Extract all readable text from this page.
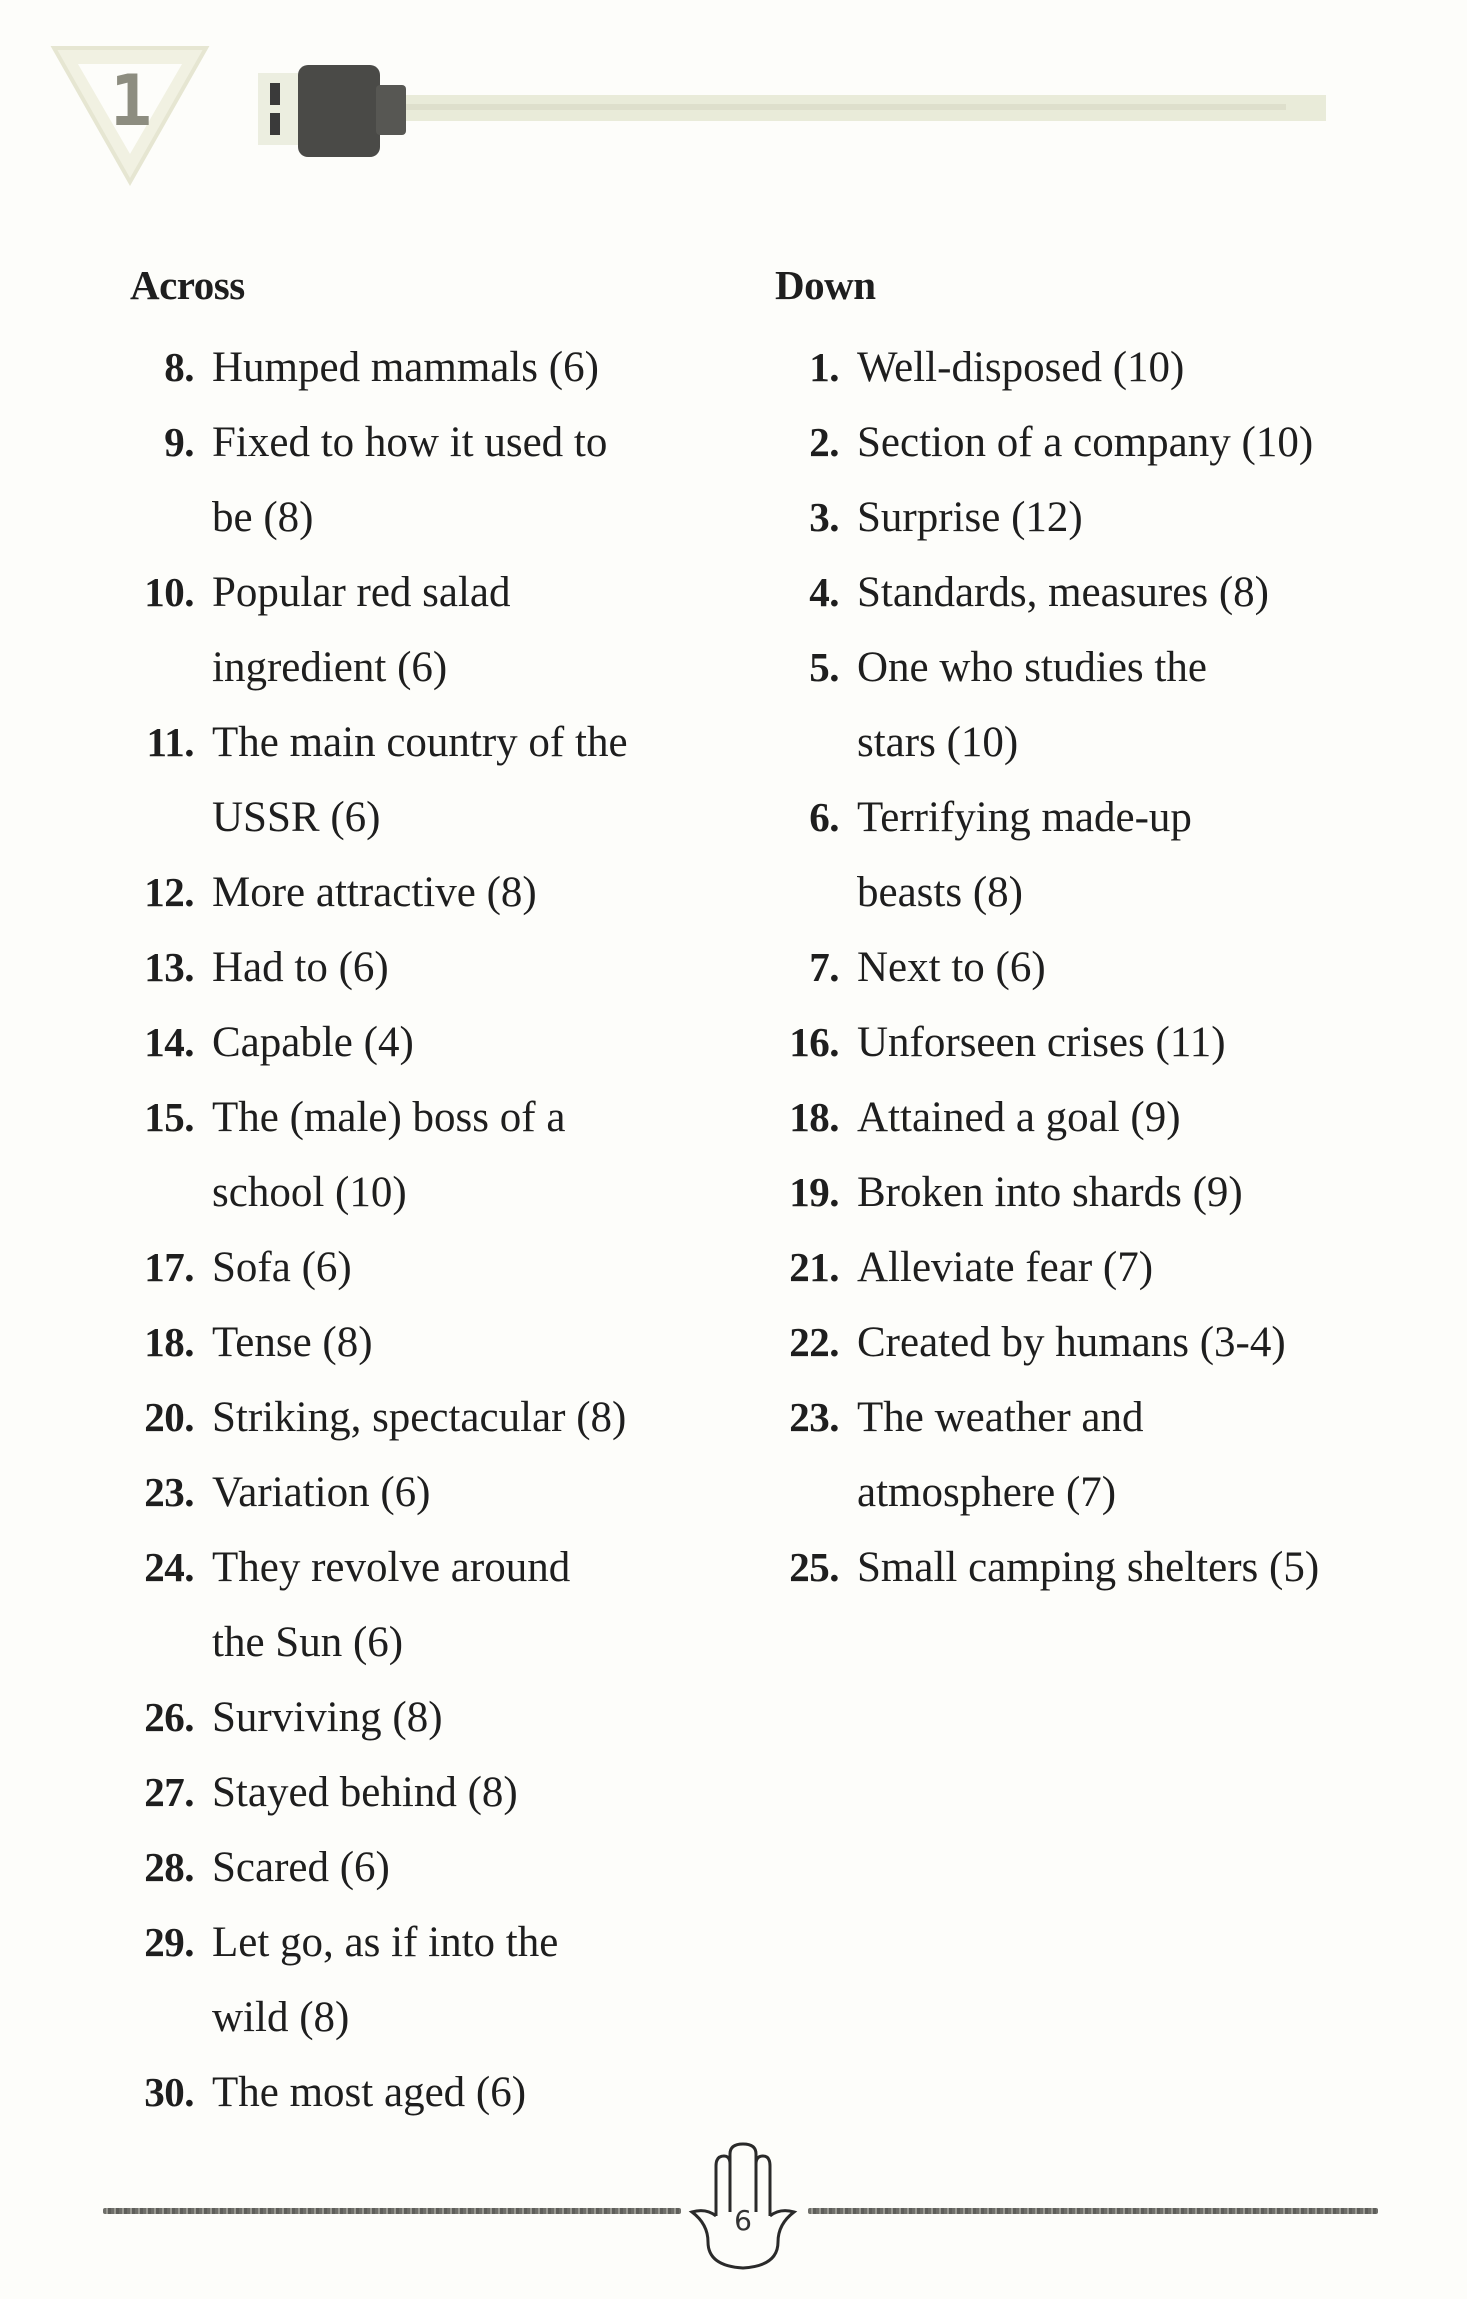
1
Across
8. Humped mammals (6)
9. Fixed to how it used to be (8)
10. Popular red salad ingredient (6)
11. The main country of the USSR (6)
12. More attractive (8)
13. Had to (6)
14. Capable (4)
15. The (male) boss of a school (10)
17. Sofa (6)
18. Tense (8)
20. Striking, spectacular (8)
23. Variation (6)
24. They revolve around the Sun (6)
26. Surviving (8)
27. Stayed behind (8)
28. Scared (6)
29. Let go, as if into the wild (8)
30. The most aged (6)
Down
1. Well-disposed (10)
2. Section of a company (10)
3. Surprise (12)
4. Standards, measures (8)
5. One who studies the stars (10)
6. Terrifying made-up beasts (8)
7. Next to (6)
16. Unforseen crises (11)
18. Attained a goal (9)
19. Broken into shards (9)
21. Alleviate fear (7)
22. Created by humans (3-4)
23. The weather and atmosphere (7)
25. Small camping shelters (5)
6
